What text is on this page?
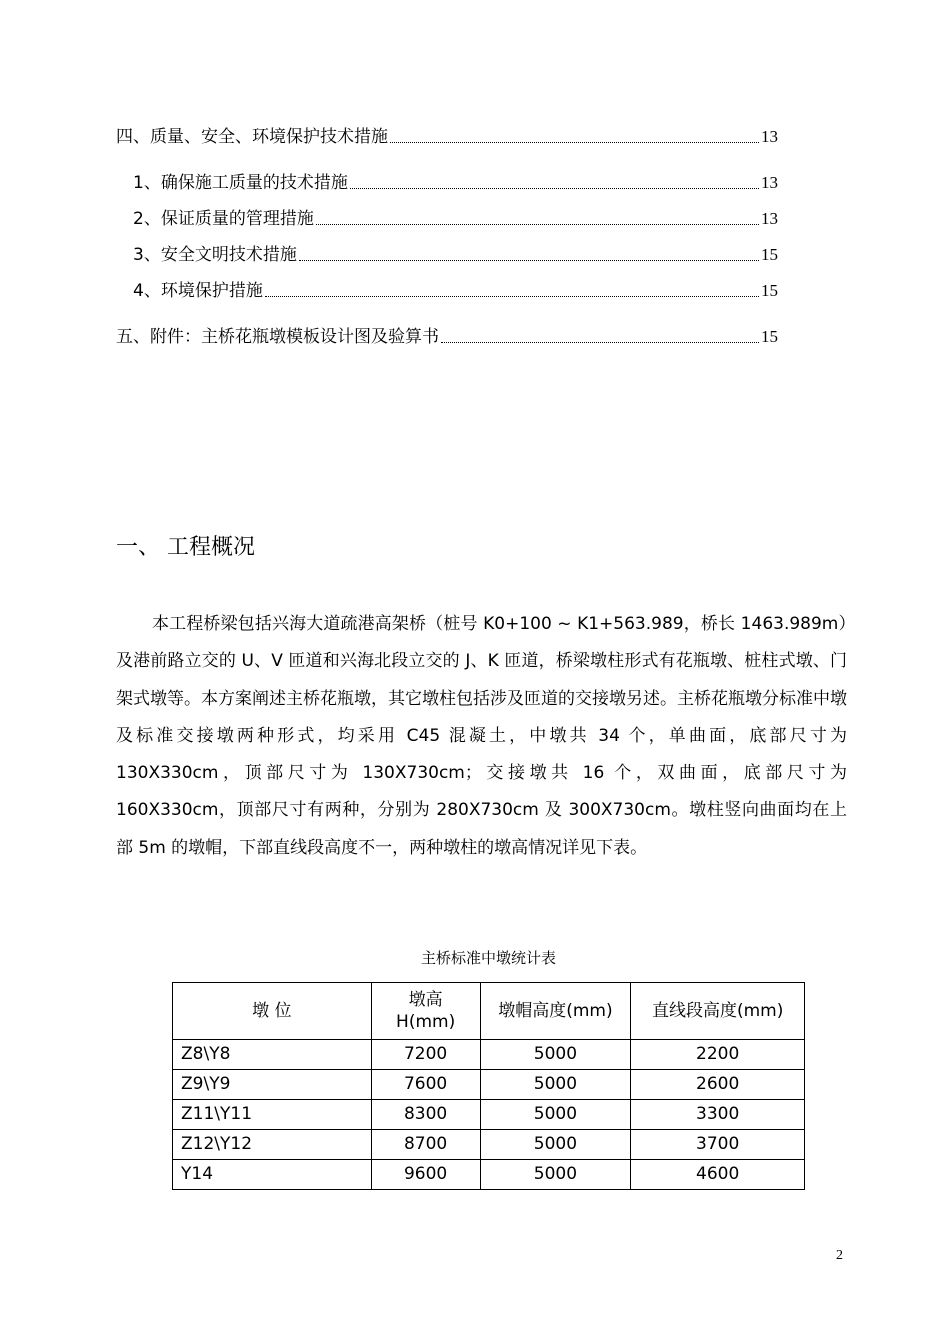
四、质量、安全、环境保护技术措施	13
1、确保施工质量的技术措施	13
2、保证质量的管理措施	13
3、安全文明技术措施	15
4、环境保护措施	15
五、附件：主桥花瓶墩模板设计图及验算书	15
一、 工程概况

本工程桥梁包括兴海大道疏港高架桥（桩号 K0+100 ~ K1+563.989，桥长 1463.989m）及港前路立交的 U、V 匝道和兴海北段立交的 J、K 匝道，桥梁墩柱形式有花瓶墩、桩柱式墩、门架式墩等。本方案阐述主桥花瓶墩，其它墩柱包括涉及匝道的交接墩另述。主桥花瓶墩分标准中墩及标准交接墩两种形式，均采用 C45 混凝土，中墩共 34 个，单曲面，底部尺寸为 130X330cm，顶部尺寸为 130X730cm；交接墩共 16 个，双曲面，底部尺寸为 160X330cm，顶部尺寸有两种，分别为 280X730cm 及 300X730cm。墩柱竖向曲面均在上部 5m 的墩帽，下部直线段高度不一，两种墩柱的墩高情况详见下表。

主桥标准中墩统计表
墩 位	墩高H(mm)	墩帽高度(mm)	直线段高度(mm)
Z8\Y8	7200	5000	2200
Z9\Y9	7600	5000	2600
Z11\Y11	8300	5000	3300
Z12\Y12	8700	5000	3700
Y14	9600	5000	4600
2
